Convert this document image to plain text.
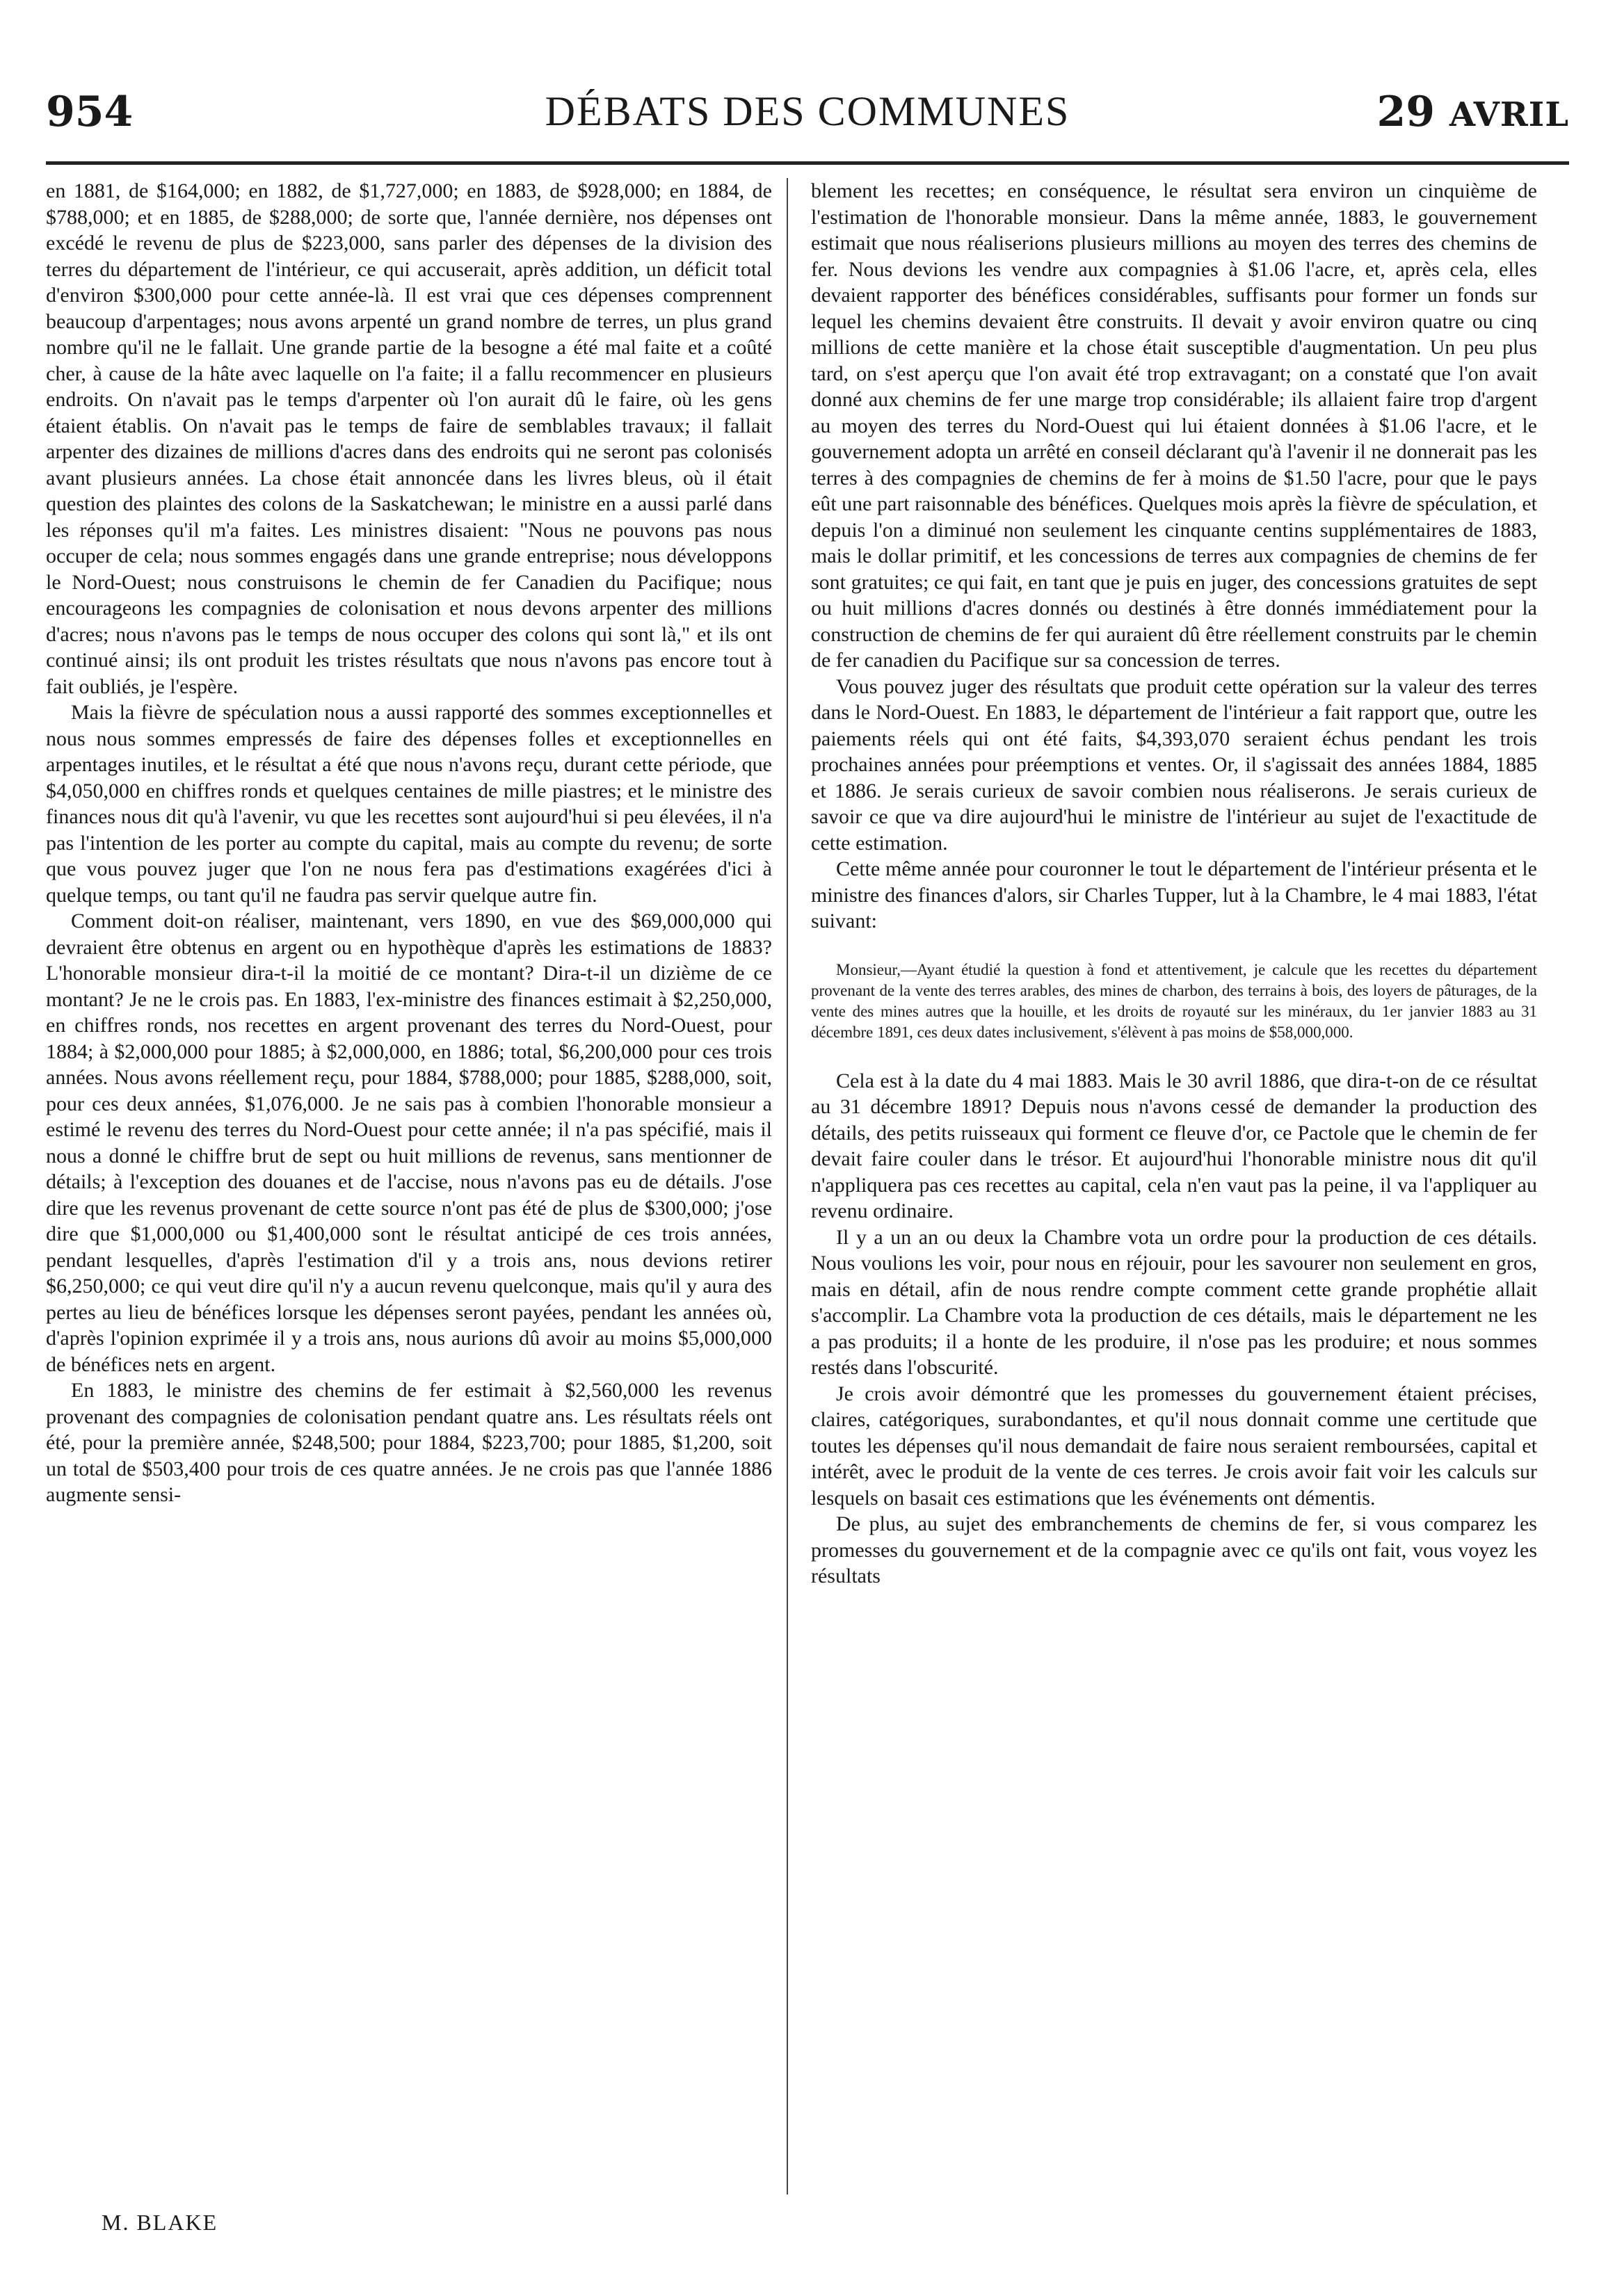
954	DÉBATS DES COMMUNES	29 AVRIL

en 1881, de $164,000; en 1882, de $1,727,000; en 1883, de $928,000; en 1884, de $788,000; et en 1885, de $288,000; de sorte que, l'année dernière, nos dépenses ont excédé le revenu de plus de $223,000, sans parler des dépenses de la division des terres du département de l'intérieur, ce qui accuserait, après addition, un déficit total d'environ $300,000 pour cette année-là. Il est vrai que ces dépenses comprennent beaucoup d'arpentages; nous avons arpenté un grand nombre de terres, un plus grand nombre qu'il ne le fallait. Une grande partie de la besogne a été mal faite et a coûté cher, à cause de la hâte avec laquelle on l'a faite; il a fallu recommencer en plusieurs endroits. On n'avait pas le temps d'arpenter où l'on aurait dû le faire, où les gens étaient établis. On n'avait pas le temps de faire de semblables travaux; il fallait arpenter des dizaines de millions d'acres dans des endroits qui ne seront pas colonisés avant plusieurs années. La chose était annoncée dans les livres bleus, où il était question des plaintes des colons de la Saskatchewan; le ministre en a aussi parlé dans les réponses qu'il m'a faites. Les ministres disaient: "Nous ne pouvons pas nous occuper de cela; nous sommes engagés dans une grande entreprise; nous développons le Nord-Ouest; nous construisons le chemin de fer Canadien du Pacifique; nous encourageons les compagnies de colonisation et nous devons arpenter des millions d'acres; nous n'avons pas le temps de nous occuper des colons qui sont là," et ils ont continué ainsi; ils ont produit les tristes résultats que nous n'avons pas encore tout à fait oubliés, je l'espère.

Mais la fièvre de spéculation nous a aussi rapporté des sommes exceptionnelles et nous nous sommes empressés de faire des dépenses folles et exceptionnelles en arpentages inutiles, et le résultat a été que nous n'avons reçu, durant cette période, que $4,050,000 en chiffres ronds et quelques centaines de mille piastres; et le ministre des finances nous dit qu'à l'avenir, vu que les recettes sont aujourd'hui si peu élevées, il n'a pas l'intention de les porter au compte du capital, mais au compte du revenu; de sorte que vous pouvez juger que l'on ne nous fera pas d'estimations exagérées d'ici à quelque temps, ou tant qu'il ne faudra pas servir quelque autre fin.

Comment doit-on réaliser, maintenant, vers 1890, en vue des $69,000,000 qui devraient être obtenus en argent ou en hypothèque d'après les estimations de 1883? L'honorable monsieur dira-t-il la moitié de ce montant? Dira-t-il un dizième de ce montant? Je ne le crois pas. En 1883, l'ex-ministre des finances estimait à $2,250,000, en chiffres ronds, nos recettes en argent provenant des terres du Nord-Ouest, pour 1884; à $2,000,000 pour 1885; à $2,000,000, en 1886; total, $6,200,000 pour ces trois années. Nous avons réellement reçu, pour 1884, $788,000; pour 1885, $288,000, soit, pour ces deux années, $1,076,000. Je ne sais pas à combien l'honorable monsieur a estimé le revenu des terres du Nord-Ouest pour cette année; il n'a pas spécifié, mais il nous a donné le chiffre brut de sept ou huit millions de revenus, sans mentionner de détails; à l'exception des douanes et de l'accise, nous n'avons pas eu de détails. J'ose dire que les revenus provenant de cette source n'ont pas été de plus de $300,000; j'ose dire que $1,000,000 ou $1,400,000 sont le résultat anticipé de ces trois années, pendant lesquelles, d'après l'estimation d'il y a trois ans, nous devions retirer $6,250,000; ce qui veut dire qu'il n'y a aucun revenu quelconque, mais qu'il y aura des pertes au lieu de bénéfices lorsque les dépenses seront payées, pendant les années où, d'après l'opinion exprimée il y a trois ans, nous aurions dû avoir au moins $5,000,000 de bénéfices nets en argent.

En 1883, le ministre des chemins de fer estimait à $2,560,000 les revenus provenant des compagnies de colonisation pendant quatre ans. Les résultats réels ont été, pour la première année, $248,500; pour 1884, $223,700; pour 1885, $1,200, soit un total de $503,400 pour trois de ces quatre années. Je ne crois pas que l'année 1886 augmente sensi-

blement les recettes; en conséquence, le résultat sera environ un cinquième de l'estimation de l'honorable monsieur. Dans la même année, 1883, le gouvernement estimait que nous réaliserions plusieurs millions au moyen des terres des chemins de fer. Nous devions les vendre aux compagnies à $1.06 l'acre, et, après cela, elles devaient rapporter des bénéfices considérables, suffisants pour former un fonds sur lequel les chemins devaient être construits. Il devait y avoir environ quatre ou cinq millions de cette manière et la chose était susceptible d'augmentation. Un peu plus tard, on s'est aperçu que l'on avait été trop extravagant; on a constaté que l'on avait donné aux chemins de fer une marge trop considérable; ils allaient faire trop d'argent au moyen des terres du Nord-Ouest qui lui étaient données à $1.06 l'acre, et le gouvernement adopta un arrêté en conseil déclarant qu'à l'avenir il ne donnerait pas les terres à des compagnies de chemins de fer à moins de $1.50 l'acre, pour que le pays eût une part raisonnable des bénéfices. Quelques mois après la fièvre de spéculation, et depuis l'on a diminué non seulement les cinquante centins supplémentaires de 1883, mais le dollar primitif, et les concessions de terres aux compagnies de chemins de fer sont gratuites; ce qui fait, en tant que je puis en juger, des concessions gratuites de sept ou huit millions d'acres donnés ou destinés à être donnés immédiatement pour la construction de chemins de fer qui auraient dû être réellement construits par le chemin de fer canadien du Pacifique sur sa concession de terres.

Vous pouvez juger des résultats que produit cette opération sur la valeur des terres dans le Nord-Ouest. En 1883, le département de l'intérieur a fait rapport que, outre les paiements réels qui ont été faits, $4,393,070 seraient échus pendant les trois prochaines années pour préemptions et ventes. Or, il s'agissait des années 1884, 1885 et 1886. Je serais curieux de savoir combien nous réaliserons. Je serais curieux de savoir ce que va dire aujourd'hui le ministre de l'intérieur au sujet de l'exactitude de cette estimation.

Cette même année pour couronner le tout le département de l'intérieur présenta et le ministre des finances d'alors, sir Charles Tupper, lut à la Chambre, le 4 mai 1883, l'état suivant:

Monsieur,—Ayant étudié la question à fond et attentivement, je calcule que les recettes du département provenant de la vente des terres arables, des mines de charbon, des terrains à bois, des loyers de pâturages, de la vente des mines autres que la houille, et les droits de royauté sur les minéraux, du 1er janvier 1883 au 31 décembre 1891, ces deux dates inclusivement, s'élèvent à pas moins de $58,000,000.

Cela est à la date du 4 mai 1883. Mais le 30 avril 1886, que dira-t-on de ce résultat au 31 décembre 1891? Depuis nous n'avons cessé de demander la production des détails, des petits ruisseaux qui forment ce fleuve d'or, ce Pactole que le chemin de fer devait faire couler dans le trésor. Et aujourd'hui l'honorable ministre nous dit qu'il n'appliquera pas ces recettes au capital, cela n'en vaut pas la peine, il va l'appliquer au revenu ordinaire.

Il y a un an ou deux la Chambre vota un ordre pour la production de ces détails. Nous voulions les voir, pour nous en réjouir, pour les savourer non seulement en gros, mais en détail, afin de nous rendre compte comment cette grande prophétie allait s'accomplir. La Chambre vota la production de ces détails, mais le département ne les a pas produits; il a honte de les produire, il n'ose pas les produire; et nous sommes restés dans l'obscurité.

Je crois avoir démontré que les promesses du gouvernement étaient précises, claires, catégoriques, surabondantes, et qu'il nous donnait comme une certitude que toutes les dépenses qu'il nous demandait de faire nous seraient remboursées, capital et intérêt, avec le produit de la vente de ces terres. Je crois avoir fait voir les calculs sur lesquels on basait ces estimations que les événements ont démentis.

De plus, au sujet des embranchements de chemins de fer, si vous comparez les promesses du gouvernement et de la compagnie avec ce qu'ils ont fait, vous voyez les résultats

M. BLAKE
